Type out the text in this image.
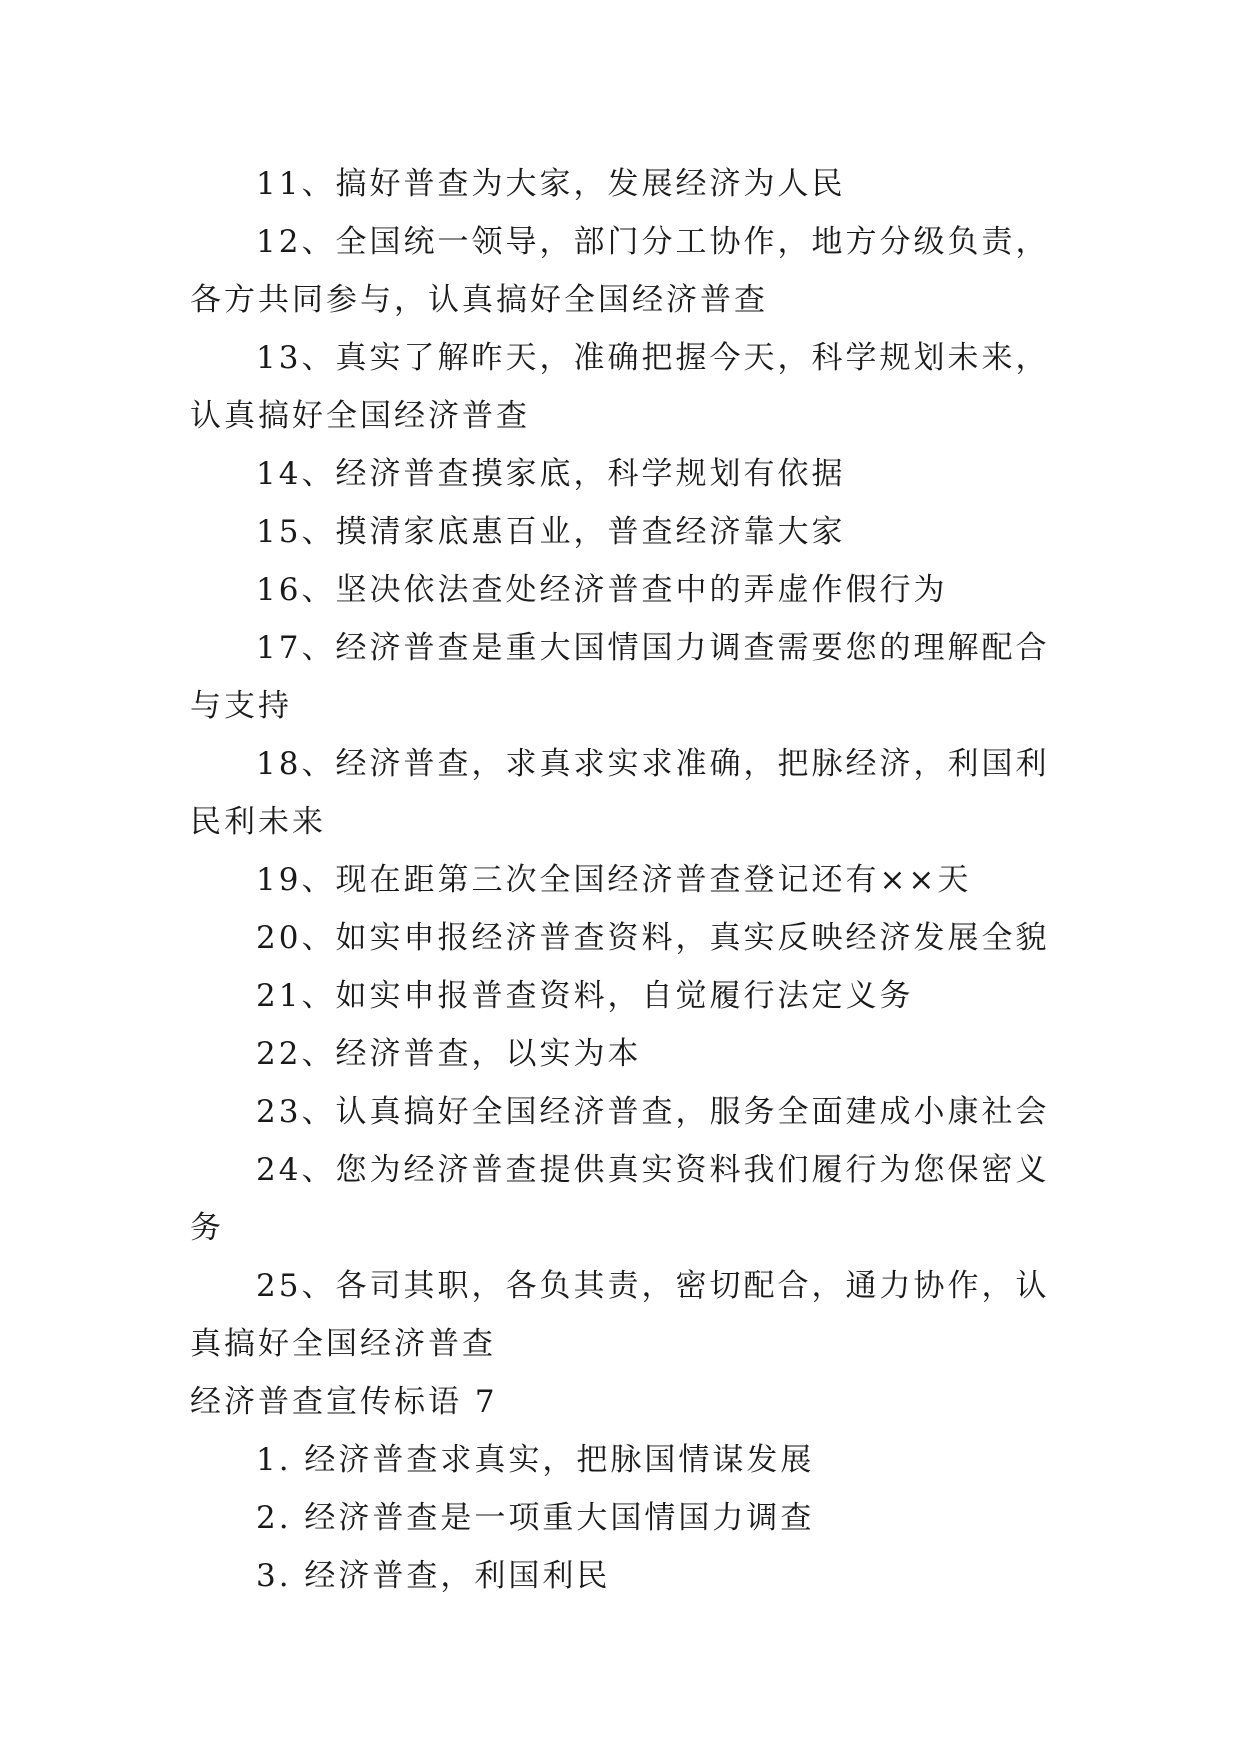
11、搞好普查为大家，发展经济为人民

12、全国统一领导，部门分工协作，地方分级负责，各方共同参与，认真搞好全国经济普查

13、真实了解昨天，准确把握今天，科学规划未来，认真搞好全国经济普查

14、经济普查摸家底，科学规划有依据

15、摸清家底惠百业，普查经济靠大家

16、坚决依法查处经济普查中的弄虚作假行为

17、经济普查是重大国情国力调查需要您的理解配合与支持

18、经济普查，求真求实求准确，把脉经济，利国利民利未来

19、现在距第三次全国经济普查登记还有××天

20、如实申报经济普查资料，真实反映经济发展全貌

21、如实申报普查资料，自觉履行法定义务

22、经济普查，以实为本

23、认真搞好全国经济普查，服务全面建成小康社会

24、您为经济普查提供真实资料我们履行为您保密义务

25、各司其职，各负其责，密切配合，通力协作，认真搞好全国经济普查

经济普查宣传标语 7

1. 经济普查求真实，把脉国情谋发展

2. 经济普查是一项重大国情国力调查

3. 经济普查，利国利民
